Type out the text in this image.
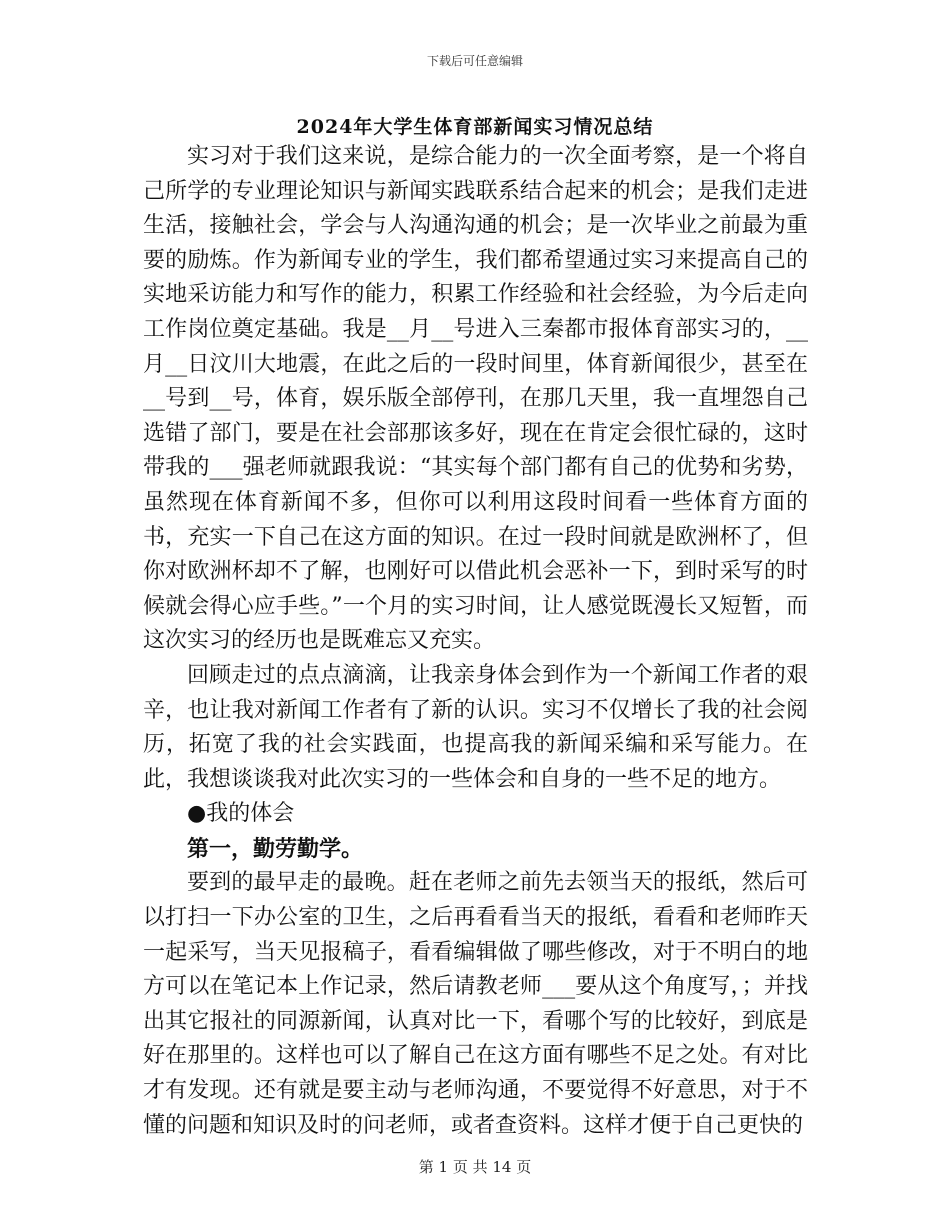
下载后可任意编辑
2024年大学生体育部新闻实习情况总结

实习对于我们这来说，是综合能力的一次全面考察，是一个将自己所学的专业理论知识与新闻实践联系结合起来的机会；是我们走进生活，接触社会，学会与人沟通沟通的机会；是一次毕业之前最为重要的励炼。作为新闻专业的学生，我们都希望通过实习来提高自己的实地采访能力和写作的能力，积累工作经验和社会经验，为今后走向工作岗位奠定基础。我是__月__号进入三秦都市报体育部实习的，__月__日汶川大地震，在此之后的一段时间里，体育新闻很少，甚至在__号到__号，体育，娱乐版全部停刊，在那几天里，我一直埋怨自己选错了部门，要是在社会部那该多好，现在在肯定会很忙碌的，这时带我的___强老师就跟我说：“其实每个部门都有自己的优势和劣势，虽然现在体育新闻不多，但你可以利用这段时间看一些体育方面的书，充实一下自己在这方面的知识。在过一段时间就是欧洲杯了，但你对欧洲杯却不了解，也刚好可以借此机会恶补一下，到时采写的时候就会得心应手些。”一个月的实习时间，让人感觉既漫长又短暂，而这次实习的经历也是既难忘又充实。

回顾走过的点点滴滴，让我亲身体会到作为一个新闻工作者的艰辛，也让我对新闻工作者有了新的认识。实习不仅增长了我的社会阅历，拓宽了我的社会实践面，也提高我的新闻采编和采写能力。在此，我想谈谈我对此次实习的一些体会和自身的一些不足的地方。

●我的体会

第一，勤劳勤学。

要到的最早走的最晚。赶在老师之前先去领当天的报纸，然后可以打扫一下办公室的卫生，之后再看看当天的报纸，看看和老师昨天一起采写，当天见报稿子，看看编辑做了哪些修改，对于不明白的地方可以在笔记本上作记录，然后请教老师___要从这个角度写，；并找出其它报社的同源新闻，认真对比一下，看哪个写的比较好，到底是好在那里的。这样也可以了解自己在这方面有哪些不足之处。有对比才有发现。还有就是要主动与老师沟通，不要觉得不好意思，对于不懂的问题和知识及时的问老师，或者查资料。这样才便于自己更快的

第 1 页 共 14 页
